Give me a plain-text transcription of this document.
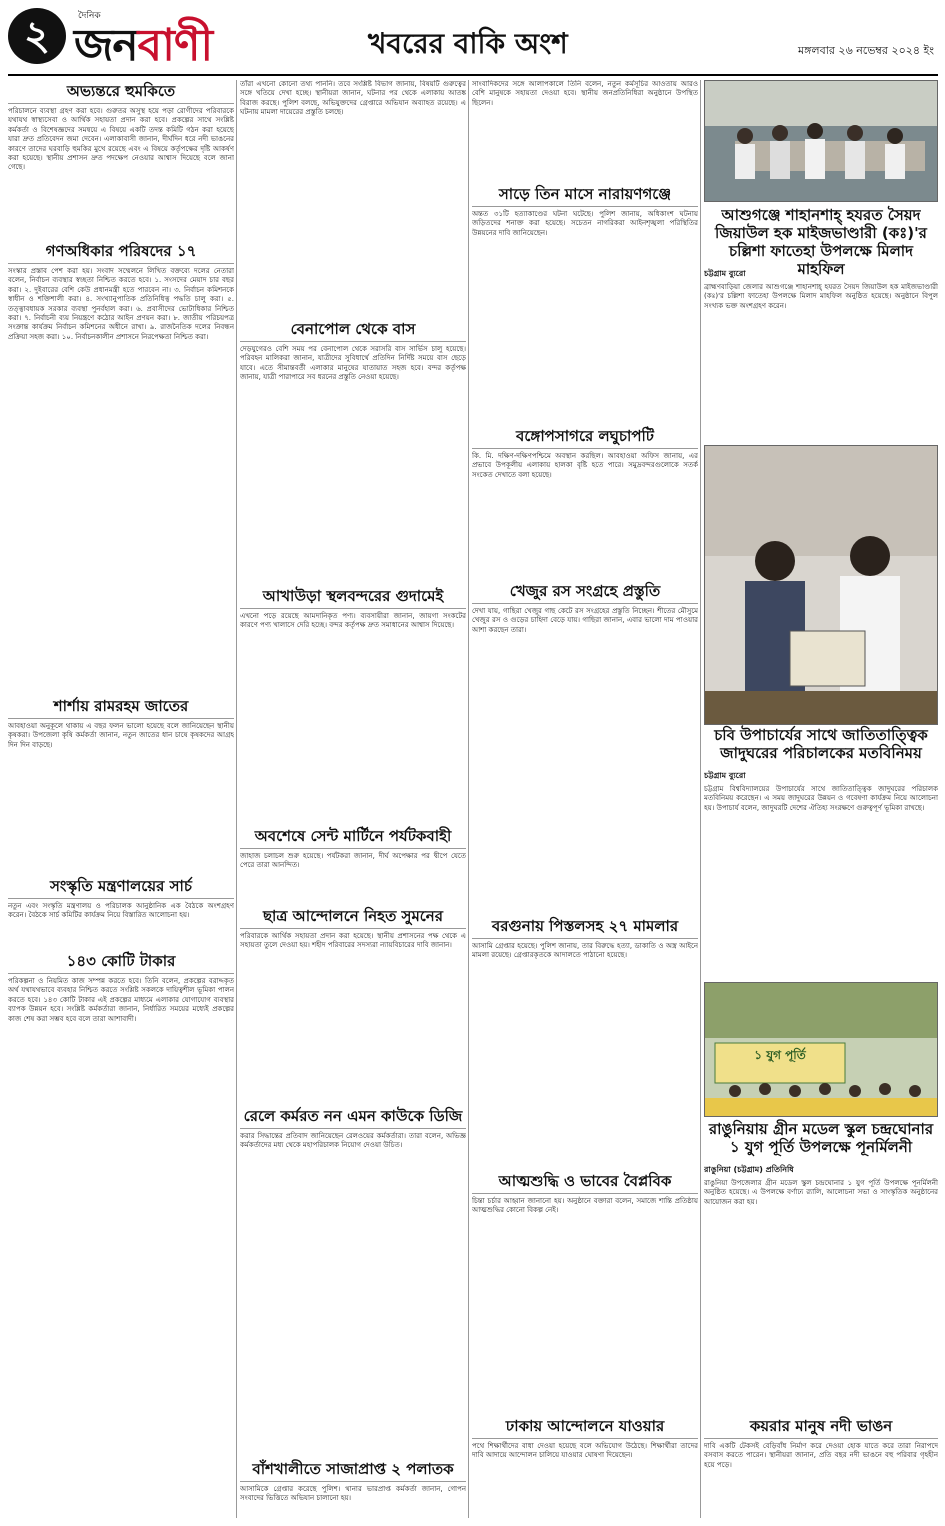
২	দৈনিক
জনবাণী	খবরের বাকি অংশ	মঙ্গলবার ২৬ নভেম্বর ২০২৪ ইং
অভ্যন্তরে হুমকিতে
পরিচালনে ব্যবস্থা গ্রহণ করা হবে। গুরুতর অসুস্থ হয়ে পড়া রোগীদের পরিবারকে যথাযথ স্বাস্থ্যসেবা ও আর্থিক সহায়তা প্রদান করা হবে। প্রকল্পের সাথে সংশ্লিষ্ট কর্মকর্তা ও বিশেষজ্ঞদের সমন্বয়ে এ বিষয়ে একটি তদন্ত কমিটি গঠন করা হয়েছে যারা দ্রুত প্রতিবেদন জমা দেবেন। এলাকাবাসী জানান, দীর্ঘদিন ধরে নদী ভাঙনের কারণে তাদের ঘরবাড়ি হুমকির মুখে রয়েছে এবং এ বিষয়ে কর্তৃপক্ষের দৃষ্টি আকর্ষণ করা হয়েছে। স্থানীয় প্রশাসন দ্রুত পদক্ষেপ নেওয়ার আশ্বাস দিয়েছে বলে জানা গেছে।
গণঅধিকার পরিষদের ১৭
সংস্কার প্রস্তাব পেশ করা হয়। সংবাদ সম্মেলনে লিখিত বক্তব্যে দলের নেতারা বলেন, নির্বাচন ব্যবস্থার স্বচ্ছতা নিশ্চিত করতে হবে। ১. সংসদের মেয়াদ চার বছর করা। ২. দুইবারের বেশি কেউ প্রধানমন্ত্রী হতে পারবেন না। ৩. নির্বাচন কমিশনকে স্বাধীন ও শক্তিশালী করা। ৪. সংখ্যানুপাতিক প্রতিনিধিত্ব পদ্ধতি চালু করা। ৫. তত্ত্বাবধায়ক সরকার ব্যবস্থা পুনর্বহাল করা। ৬. প্রবাসীদের ভোটাধিকার নিশ্চিত করা। ৭. নির্বাচনী ব্যয় নিয়ন্ত্রণে কঠোর আইন প্রণয়ন করা। ৮. জাতীয় পরিচয়পত্র সংক্রান্ত কার্যক্রম নির্বাচন কমিশনের অধীনে রাখা। ৯. রাজনৈতিক দলের নিবন্ধন প্রক্রিয়া সহজ করা। ১০. নির্বাচনকালীন প্রশাসনে নিরপেক্ষতা নিশ্চিত করা।
শার্শায় রামরহম জাতের
আবহাওয়া অনুকূলে থাকায় এ বছর ফলন ভালো হয়েছে বলে জানিয়েছেন স্থানীয় কৃষকরা। উপজেলা কৃষি কর্মকর্তা জানান, নতুন জাতের ধান চাষে কৃষকদের আগ্রহ দিন দিন বাড়ছে।
সংস্কৃতি মন্ত্রণালয়ের সার্চ
নতুন এবং সংস্কৃতি মন্ত্রণালয় ও পরিচালক আনুষ্ঠানিক এক বৈঠকে অংশগ্রহণ করেন। বৈঠকে সার্চ কমিটির কার্যক্রম নিয়ে বিস্তারিত আলোচনা হয়।
১৪৩ কোটি টাকার
পরিকল্পনা ও নিয়মিত কাজ সম্পন্ন করতে হবে। তিনি বলেন, প্রকল্পের বরাদ্দকৃত অর্থ যথাযথভাবে ব্যবহার নিশ্চিত করতে সংশ্লিষ্ট সকলকে দায়িত্বশীল ভূমিকা পালন করতে হবে। ১৪৩ কোটি টাকার এই প্রকল্পের মাধ্যমে এলাকার যোগাযোগ ব্যবস্থার ব্যাপক উন্নয়ন হবে। সংশ্লিষ্ট কর্মকর্তারা জানান, নির্ধারিত সময়ের মধ্যেই প্রকল্পের কাজ শেষ করা সম্ভব হবে বলে তারা আশাবাদী।
তাঁরা এখনো কোনো তথ্য পাননি। তবে সংশ্লিষ্ট বিভাগ জানায়, বিষয়টি গুরুত্বের সঙ্গে খতিয়ে দেখা হচ্ছে। স্থানীয়রা জানান, ঘটনার পর থেকে এলাকায় আতঙ্ক বিরাজ করছে। পুলিশ বলছে, অভিযুক্তদের গ্রেপ্তারে অভিযান অব্যাহত রয়েছে। এ ঘটনায় মামলা দায়েরের প্রস্তুতি চলছে।
বেনাপোল থেকে বাস
দেড়যুগেরও বেশি সময় পর বেনাপোল থেকে সরাসরি বাস সার্ভিস চালু হয়েছে। পরিবহন মালিকরা জানান, যাত্রীদের সুবিধার্থে প্রতিদিন নির্দিষ্ট সময়ে বাস ছেড়ে যাবে। এতে সীমান্তবর্তী এলাকার মানুষের যাতায়াত সহজ হবে। বন্দর কর্তৃপক্ষ জানায়, যাত্রী পারাপারে সব ধরনের প্রস্তুতি নেওয়া হয়েছে।
আখাউড়া স্থলবন্দরের গুদামেই
এখনো পড়ে রয়েছে আমদানিকৃত পণ্য। ব্যবসায়ীরা জানান, জায়গা সংকটের কারণে পণ্য খালাসে দেরি হচ্ছে। বন্দর কর্তৃপক্ষ দ্রুত সমাধানের আশ্বাস দিয়েছে।
অবশেষে সেন্ট মার্টিনে পর্যটকবাহী
জাহাজ চলাচল শুরু হয়েছে। পর্যটকরা জানান, দীর্ঘ অপেক্ষার পর দ্বীপে যেতে পেরে তারা আনন্দিত।
ছাত্র আন্দোলনে নিহত সুমনের
পরিবারকে আর্থিক সহায়তা প্রদান করা হয়েছে। স্থানীয় প্রশাসনের পক্ষ থেকে এ সহায়তা তুলে দেওয়া হয়। শহীদ পরিবারের সদস্যরা ন্যায়বিচারের দাবি জানান।
রেলে কর্মরত নন এমন কাউকে ডিজি
করার সিদ্ধান্তের প্রতিবাদ জানিয়েছেন রেলওয়ের কর্মকর্তারা। তারা বলেন, অভিজ্ঞ কর্মকর্তাদের মধ্য থেকে মহাপরিচালক নিয়োগ দেওয়া উচিত।
বাঁশখালীতে সাজাপ্রাপ্ত ২ পলাতক
আসামিকে গ্রেপ্তার করেছে পুলিশ। থানার ভারপ্রাপ্ত কর্মকর্তা জানান, গোপন সংবাদের ভিত্তিতে অভিযান চালানো হয়।
সাংবাদিকদের সঙ্গে আলাপকালে তিনি বলেন, নতুন কর্মসূচির আওতায় আরও বেশি মানুষকে সহায়তা দেওয়া হবে। স্থানীয় জনপ্রতিনিধিরা অনুষ্ঠানে উপস্থিত ছিলেন।
সাড়ে তিন মাসে নারায়ণগঞ্জে
অন্তত ৩১টি হত্যাকাণ্ডের ঘটনা ঘটেছে। পুলিশ জানায়, অধিকাংশ ঘটনায় জড়িতদের শনাক্ত করা হয়েছে। সচেতন নাগরিকরা আইনশৃঙ্খলা পরিস্থিতির উন্নয়নের দাবি জানিয়েছেন।
বঙ্গোপসাগরে লঘুচাপটি
কি. মি. দক্ষিণ-দক্ষিণপশ্চিমে অবস্থান করছিল। আবহাওয়া অফিস জানায়, এর প্রভাবে উপকূলীয় এলাকায় হালকা বৃষ্টি হতে পারে। সমুদ্রবন্দরগুলোকে সতর্ক সংকেত দেখাতে বলা হয়েছে।
খেজুর রস সংগ্রহে প্রস্তুতি
দেখা যায়, গাছিরা খেজুর গাছ কেটে রস সংগ্রহের প্রস্তুতি নিচ্ছেন। শীতের মৌসুমে খেজুর রস ও গুড়ের চাহিদা বেড়ে যায়। গাছিরা জানান, এবার ভালো দাম পাওয়ার আশা করছেন তারা।
বরগুনায় পিস্তলসহ ২৭ মামলার
আসামি গ্রেপ্তার হয়েছে। পুলিশ জানায়, তার বিরুদ্ধে হত্যা, ডাকাতি ও অস্ত্র আইনে মামলা রয়েছে। গ্রেপ্তারকৃতকে আদালতে পাঠানো হয়েছে।
আত্মশুদ্ধি ও ভাবের বৈপ্লবিক
চিন্তা চর্চার আহ্বান জানানো হয়। অনুষ্ঠানে বক্তারা বলেন, সমাজে শান্তি প্রতিষ্ঠায় আত্মশুদ্ধির কোনো বিকল্প নেই।
ঢাকায় আন্দোলনে যাওয়ার
পথে শিক্ষার্থীদের বাধা দেওয়া হয়েছে বলে অভিযোগ উঠেছে। শিক্ষার্থীরা তাদের দাবি আদায়ে আন্দোলন চালিয়ে যাওয়ার ঘোষণা দিয়েছেন।
আশুগঞ্জে শাহানশাহ্ হযরত সৈয়দ জিয়াউল হক মাইজভাণ্ডারী (কঃ)'র চল্লিশা ফাতেহা উপলক্ষে মিলাদ মাহফিল
চট্টগ্রাম ব্যুরো
ব্রাহ্মণবাড়িয়া জেলার আশুগঞ্জে শাহানশাহ্ হযরত সৈয়দ জিয়াউল হক মাইজভাণ্ডারী (কঃ)'র চল্লিশা ফাতেহা উপলক্ষে মিলাদ মাহফিল অনুষ্ঠিত হয়েছে। অনুষ্ঠানে বিপুল সংখ্যক ভক্ত অংশগ্রহণ করেন।
চবি উপাচার্যের সাথে জাতিতাত্ত্বিক জাদুঘরের পরিচালকের মতবিনিময়
চট্টগ্রাম ব্যুরো
চট্টগ্রাম বিশ্ববিদ্যালয়ের উপাচার্যের সাথে জাতিতাত্ত্বিক জাদুঘরের পরিচালক মতবিনিময় করেছেন। এ সময় জাদুঘরের উন্নয়ন ও গবেষণা কার্যক্রম নিয়ে আলোচনা হয়। উপাচার্য বলেন, জাদুঘরটি দেশের ঐতিহ্য সংরক্ষণে গুরুত্বপূর্ণ ভূমিকা রাখছে।
১ যুগ পূর্তি
রাঙুনিয়ায় গ্রীন মডেল স্কুল চন্দ্রঘোনার ১ যুগ পূর্তি উপলক্ষে পূনর্মিলনী
রাঙুনিয়া (চট্টগ্রাম) প্রতিনিধি
রাঙুনিয়া উপজেলার গ্রীন মডেল স্কুল চন্দ্রঘোনার ১ যুগ পূর্তি উপলক্ষে পূনর্মিলনী অনুষ্ঠিত হয়েছে। এ উপলক্ষে বর্ণাঢ্য র‍্যালি, আলোচনা সভা ও সাংস্কৃতিক অনুষ্ঠানের আয়োজন করা হয়।
কয়রার মানুষ নদী ভাঙন
দাবি একটি টেকসই বেড়িবাঁধ নির্মাণ করে দেওয়া হোক যাতে করে তারা নিরাপদে বসবাস করতে পারেন। স্থানীয়রা জানান, প্রতি বছর নদী ভাঙনে বহু পরিবার গৃহহীন হয়ে পড়ে।
